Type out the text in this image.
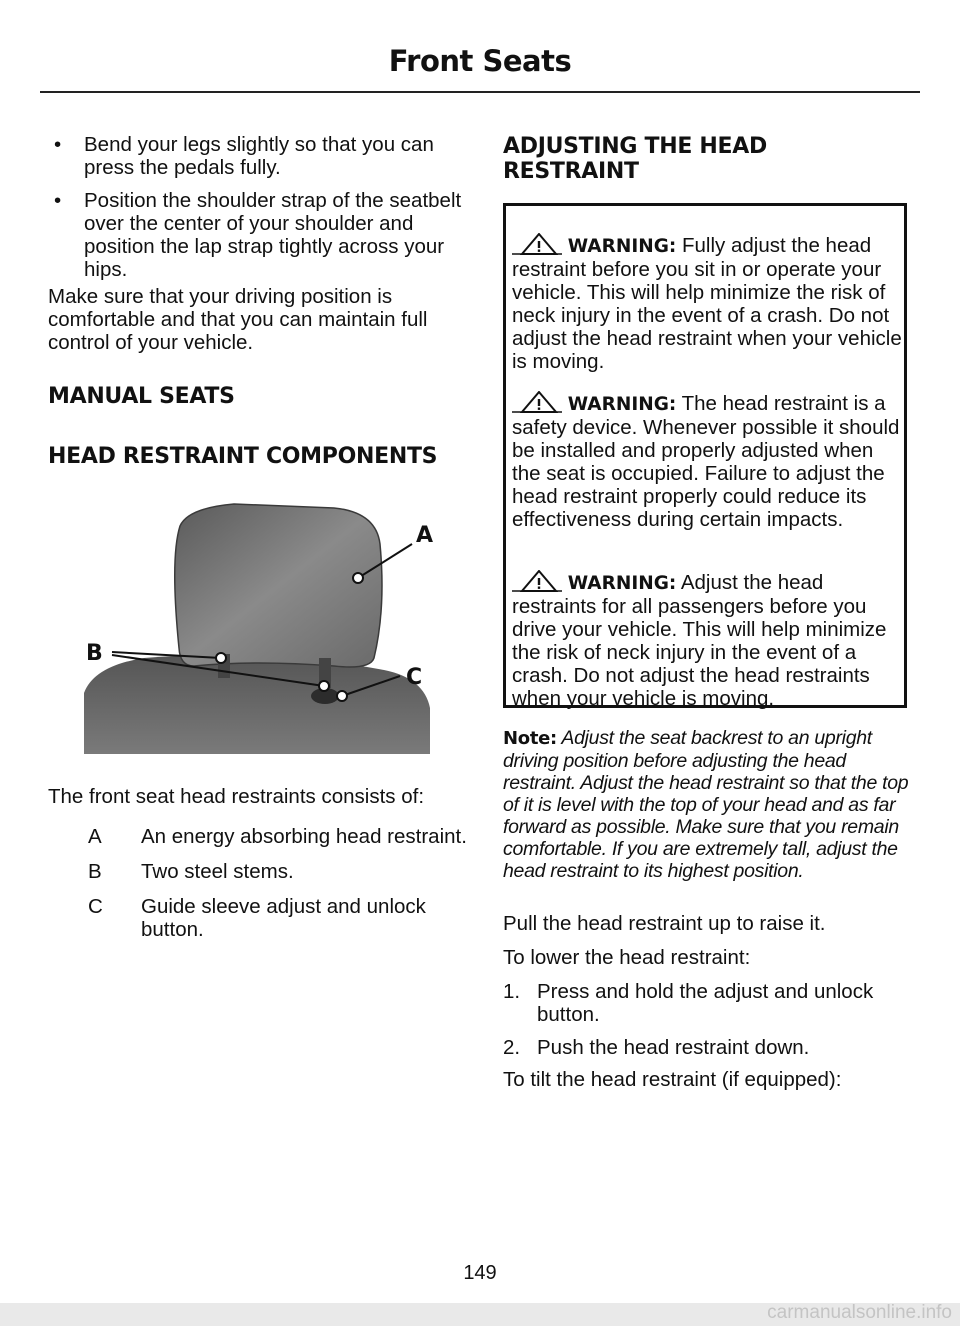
Front Seats
• Bend your legs slightly so that you can press the pedals fully.
• Position the shoulder strap of the seatbelt over the center of your shoulder and position the lap strap tightly across your hips.

Make sure that your driving position is comfortable and that you can maintain full control of your vehicle.

MANUAL SEATS
HEAD RESTRAINT COMPONENTS
A
B
C

The front seat head restraints consists of:

A	An energy absorbing head restraint.
B	Two steel stems.
C	Guide sleeve adjust and unlock button.
ADJUSTING THE HEAD RESTRAINT

WARNING: Fully adjust the head restraint before you sit in or operate your vehicle. This will help minimize the risk of neck injury in the event of a crash. Do not adjust the head restraint when your vehicle is moving.

WARNING: The head restraint is a safety device. Whenever possible it should be installed and properly adjusted when the seat is occupied. Failure to adjust the head restraint properly could reduce its effectiveness during certain impacts.

WARNING: Adjust the head restraints for all passengers before you drive your vehicle. This will help minimize the risk of neck injury in the event of a crash. Do not adjust the head restraints when your vehicle is moving.

Note: Adjust the seat backrest to an upright driving position before adjusting the head restraint. Adjust the head restraint so that the top of it is level with the top of your head and as far forward as possible. Make sure that you remain comfortable. If you are extremely tall, adjust the head restraint to its highest position.

Pull the head restraint up to raise it.

To lower the head restraint:

1. Press and hold the adjust and unlock button.
2. Push the head restraint down.

To tilt the head restraint (if equipped):

149
carmanualsonline.info
